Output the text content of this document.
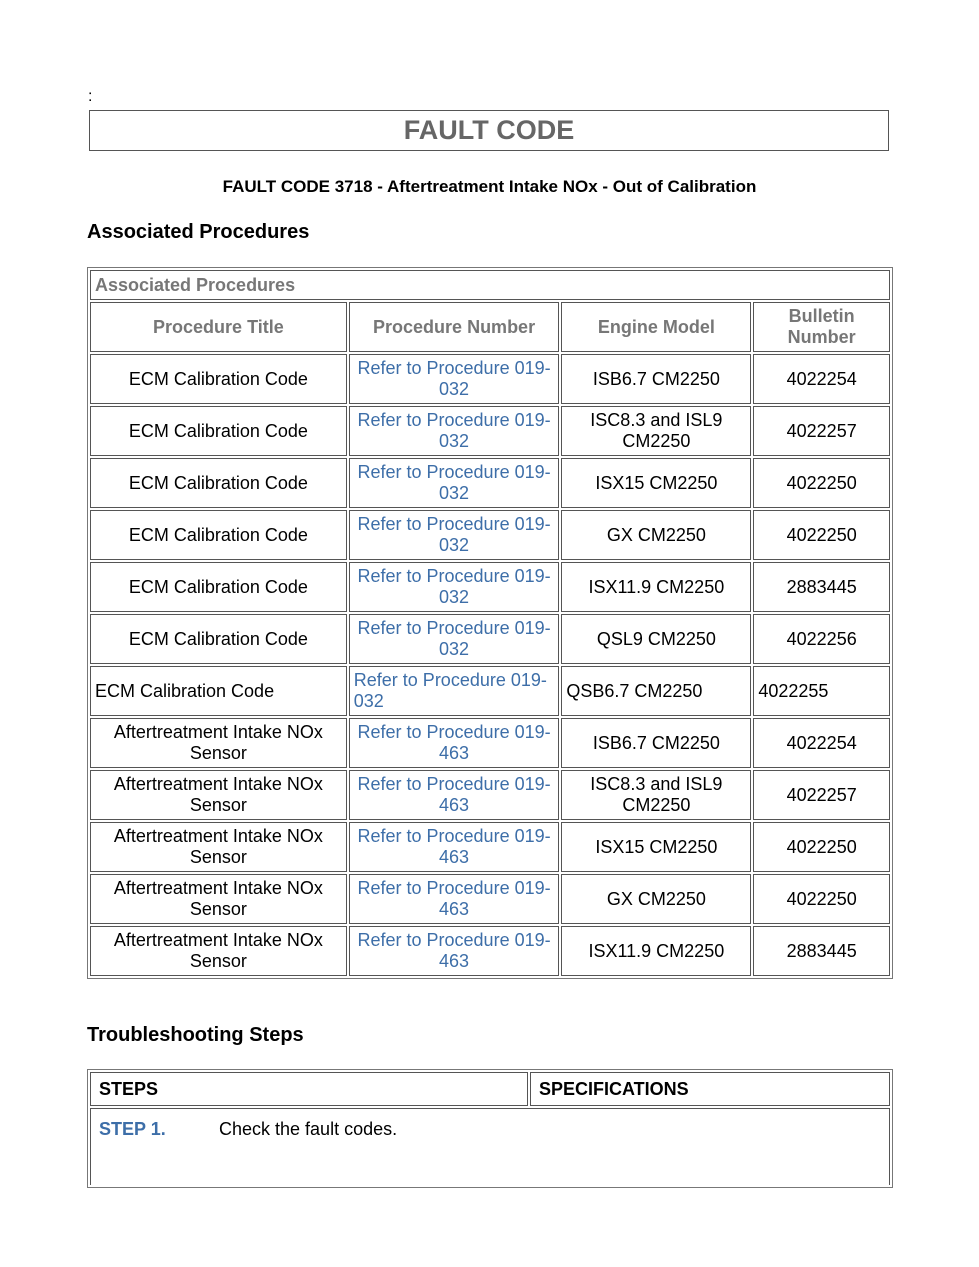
:
FAULT CODE
FAULT CODE 3718 - Aftertreatment Intake NOx - Out of Calibration
Associated Procedures
Associated Procedures			
Procedure Title	Procedure Number	Engine Model	Bulletin Number
ECM Calibration Code	Refer to Procedure 019-032	ISB6.7 CM2250	4022254
ECM Calibration Code	Refer to Procedure 019-032	ISC8.3 and ISL9 CM2250	4022257
ECM Calibration Code	Refer to Procedure 019-032	ISX15 CM2250	4022250
ECM Calibration Code	Refer to Procedure 019-032	GX CM2250	4022250
ECM Calibration Code	Refer to Procedure 019-032	ISX11.9 CM2250	2883445
ECM Calibration Code	Refer to Procedure 019-032	QSL9 CM2250	4022256
ECM Calibration Code	Refer to Procedure 019-032	QSB6.7 CM2250	4022255
Aftertreatment Intake NOx Sensor	Refer to Procedure 019-463	ISB6.7 CM2250	4022254
Aftertreatment Intake NOx Sensor	Refer to Procedure 019-463	ISC8.3 and ISL9 CM2250	4022257
Aftertreatment Intake NOx Sensor	Refer to Procedure 019-463	ISX15 CM2250	4022250
Aftertreatment Intake NOx Sensor	Refer to Procedure 019-463	GX CM2250	4022250
Aftertreatment Intake NOx Sensor	Refer to Procedure 019-463	ISX11.9 CM2250	2883445
Troubleshooting Steps
STEPS	SPECIFICATIONS
STEP 1.	Check the fault codes.
